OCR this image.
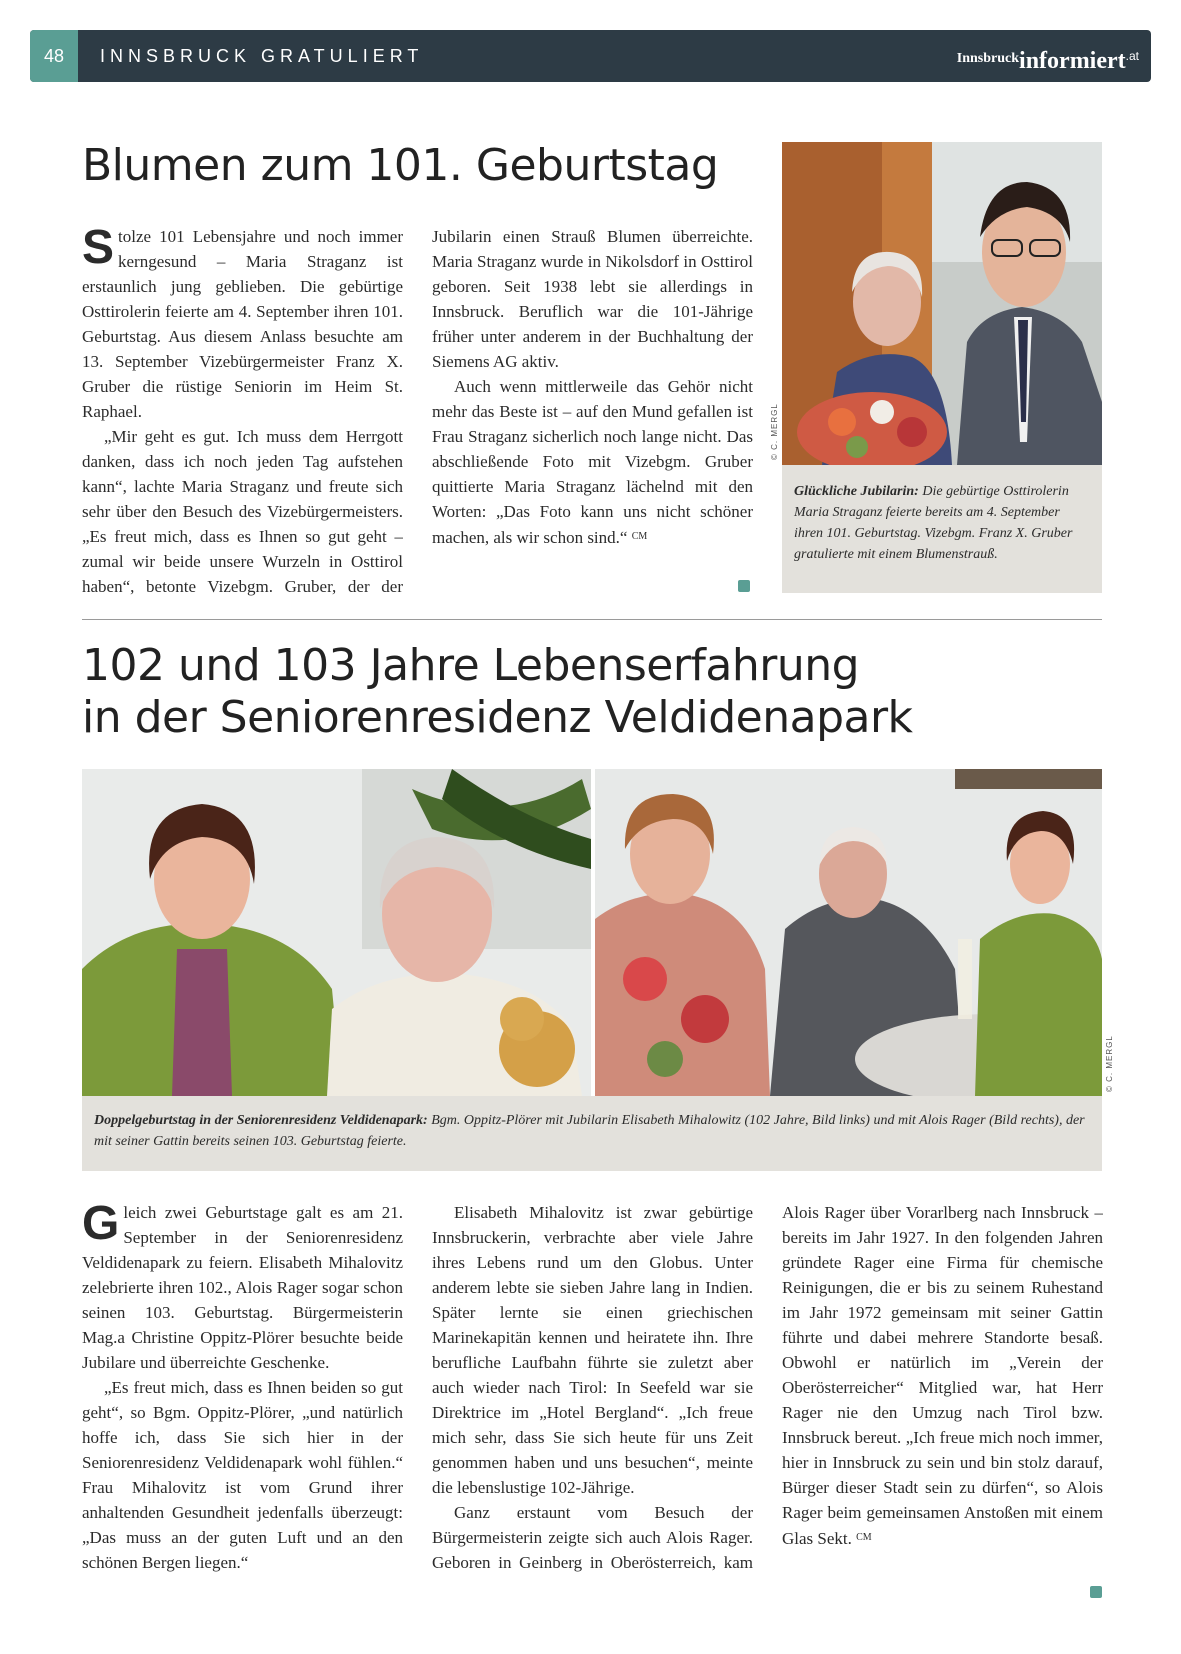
48	INNSBRUCK GRATULIERT	Innsbruckinformiert$^{.at}$
Blumen zum 101. Geburtstag

Stolze 101 Lebensjahre und noch immer kerngesund – Maria Straganz ist erstaunlich jung geblieben. Die gebürtige Osttirolerin feierte am 4. September ihren 101. Geburtstag. Aus diesem Anlass besuchte am 13. September Vizebürgermeister Franz X. Gruber die rüstige Seniorin im Heim St. Raphael.

„Mir geht es gut. Ich muss dem Herrgott danken, dass ich noch jeden Tag aufstehen kann“, lachte Maria Straganz und freute sich sehr über den Besuch des Vizebürgermeisters. „Es freut mich, dass es Ihnen so gut geht – zumal wir beide unsere Wurzeln in Osttirol haben“, betonte Vizebgm. Gruber, der der

Jubilarin einen Strauß Blumen überreichte. Maria Straganz wurde in Nikolsdorf in Osttirol geboren. Seit 1938 lebt sie allerdings in Innsbruck. Beruflich war die 101-Jährige früher unter anderem in der Buchhaltung der Siemens AG aktiv.

Auch wenn mittlerweile das Gehör nicht mehr das Beste ist – auf den Mund gefallen ist Frau Straganz sicherlich noch lange nicht. Das abschließende Foto mit Vizebgm. Gruber quittierte Maria Straganz lächelnd mit den Worten: „Das Foto kann uns nicht schöner machen, als wir schon sind.“ $^{CM}$

© C. MERGL
Glückliche Jubilarin: Die gebürtige Osttirolerin Maria Straganz feierte bereits am 4. September ihren 101. Geburtstag. Vizebgm. Franz X. Gruber gratulierte mit einem Blumenstrauß.
102 und 103 Jahre Lebenserfahrung
in der Seniorenresidenz Veldidenapark
© C. MERGL
Doppelgeburtstag in der Seniorenresidenz Veldidenapark: Bgm. Oppitz-Plörer mit Jubilarin Elisabeth Mihalowitz (102 Jahre, Bild links) und mit Alois Rager (Bild rechts), der mit seiner Gattin bereits seinen 103. Geburtstag feierte.

Gleich zwei Geburtstage galt es am 21. September in der Seniorenresidenz Veldidenapark zu feiern. Elisabeth Mihalovitz zelebrierte ihren 102., Alois Rager sogar schon seinen 103. Geburtstag. Bürgermeisterin Mag.a Christine Oppitz-Plörer besuchte beide Jubilare und überreichte Geschenke.

„Es freut mich, dass es Ihnen beiden so gut geht“, so Bgm. Oppitz-Plörer, „und natürlich hoffe ich, dass Sie sich hier in der Seniorenresidenz Veldidenapark wohl fühlen.“ Frau Mihalovitz ist vom Grund ihrer anhaltenden Gesundheit jedenfalls überzeugt: „Das muss an der guten Luft und an den schönen Bergen liegen.“

Elisabeth Mihalovitz ist zwar gebürtige Innsbruckerin, verbrachte aber viele Jahre ihres Lebens rund um den Globus. Unter anderem lebte sie sieben Jahre lang in Indien. Später lernte sie einen griechischen Marinekapitän kennen und heiratete ihn. Ihre berufliche Laufbahn führte sie zuletzt aber auch wieder nach Tirol: In Seefeld war sie Direktrice im „Hotel Bergland“. „Ich freue mich sehr, dass Sie sich heute für uns Zeit genommen haben und uns besuchen“, meinte die lebenslustige 102-Jährige.

Ganz erstaunt vom Besuch der Bürgermeisterin zeigte sich auch Alois Rager. Geboren in Geinberg in Oberösterreich, kam

Alois Rager über Vorarlberg nach Innsbruck – bereits im Jahr 1927. In den folgenden Jahren gründete Rager eine Firma für chemische Reinigungen, die er bis zu seinem Ruhestand im Jahr 1972 gemeinsam mit seiner Gattin führte und dabei mehrere Standorte besaß. Obwohl er natürlich im „Verein der Oberösterreicher“ Mitglied war, hat Herr Rager nie den Umzug nach Tirol bzw. Innsbruck bereut. „Ich freue mich noch immer, hier in Innsbruck zu sein und bin stolz darauf, Bürger dieser Stadt sein zu dürfen“, so Alois Rager beim gemeinsamen Anstoßen mit einem Glas Sekt. $^{CM}$
